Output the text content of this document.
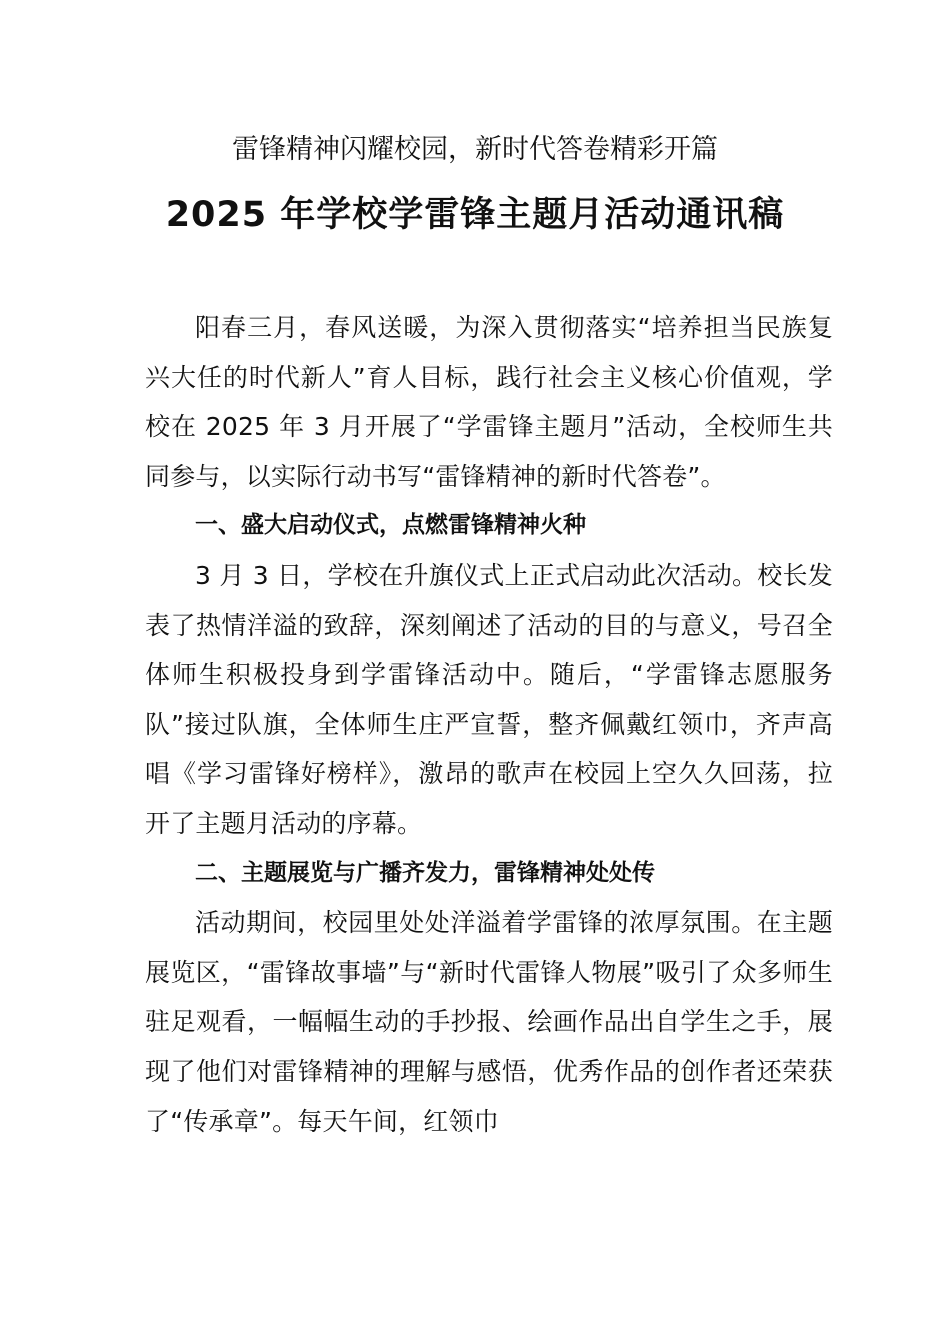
雷锋精神闪耀校园，新时代答卷精彩开篇
2025 年学校学雷锋主题月活动通讯稿

阳春三月，春风送暖，为深入贯彻落实“培养担当民族复兴大任的时代新人”育人目标，践行社会主义核心价值观，学校在 2025 年 3 月开展了“学雷锋主题月”活动，全校师生共同参与，以实际行动书写“雷锋精神的新时代答卷”。

一、盛大启动仪式，点燃雷锋精神火种

3 月 3 日，学校在升旗仪式上正式启动此次活动。校长发表了热情洋溢的致辞，深刻阐述了活动的目的与意义，号召全体师生积极投身到学雷锋活动中。随后，“学雷锋志愿服务队”接过队旗，全体师生庄严宣誓，整齐佩戴红领巾，齐声高唱《学习雷锋好榜样》，激昂的歌声在校园上空久久回荡，拉开了主题月活动的序幕。

二、主题展览与广播齐发力，雷锋精神处处传

活动期间，校园里处处洋溢着学雷锋的浓厚氛围。在主题展览区，“雷锋故事墙”与“新时代雷锋人物展”吸引了众多师生驻足观看，一幅幅生动的手抄报、绘画作品出自学生之手，展现了他们对雷锋精神的理解与感悟，优秀作品的创作者还荣获了“传承章”。每天午间，红领巾
